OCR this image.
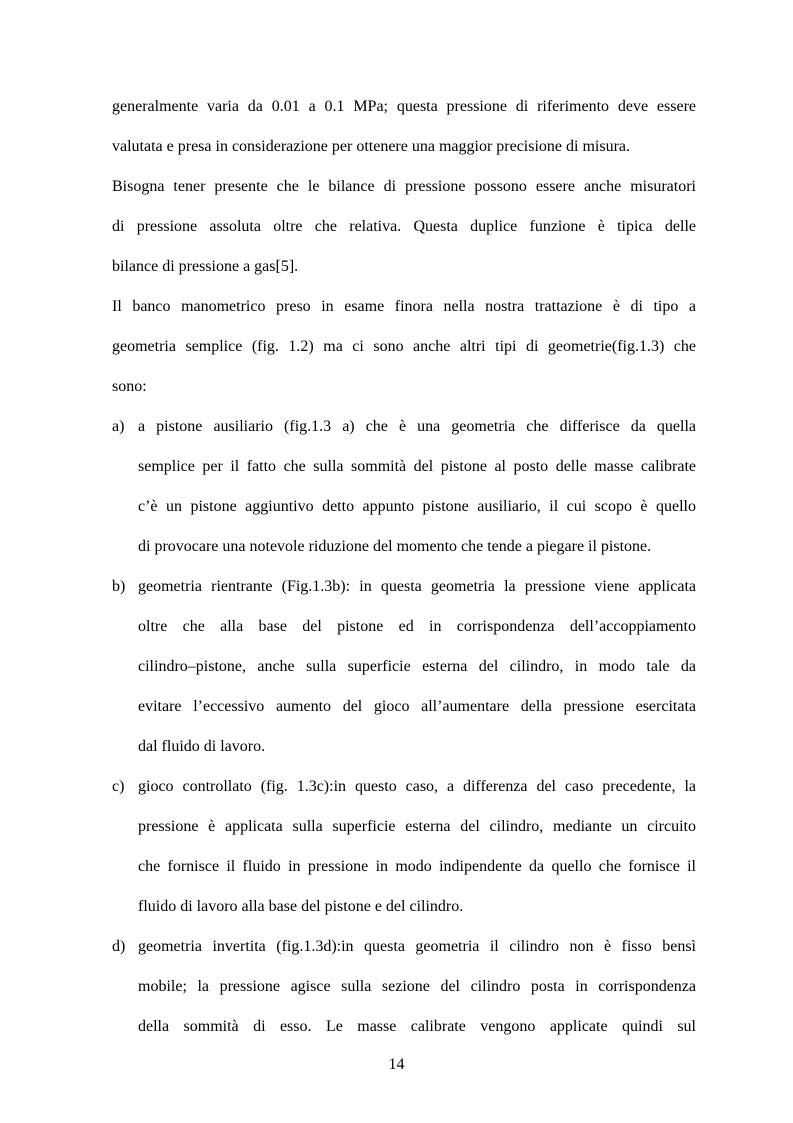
generalmente varia da 0.01 a 0.1 MPa; questa pressione di riferimento deve essere
valutata e presa in considerazione per ottenere una maggior precisione di misura.
Bisogna tener presente che le bilance di pressione possono essere anche misuratori
di pressione assoluta oltre che relativa. Questa duplice funzione è tipica delle
bilance di pressione a gas[5].
Il banco manometrico preso in esame finora nella nostra trattazione è di tipo a
geometria semplice (fig. 1.2) ma ci sono anche altri tipi di geometrie(fig.1.3) che
sono:
a) a pistone ausiliario (fig.1.3 a) che è una geometria che differisce da quella
semplice per il fatto che sulla sommità del pistone al posto delle masse calibrate
c’è un pistone aggiuntivo detto appunto pistone ausiliario, il cui scopo è quello
di provocare una notevole riduzione del momento che tende a piegare il pistone.
b) geometria rientrante (Fig.1.3b): in questa geometria la pressione viene applicata
oltre che alla base del pistone ed in corrispondenza dell’accoppiamento
cilindro–pistone, anche sulla superficie esterna del cilindro, in modo tale da
evitare l’eccessivo aumento del gioco all’aumentare della pressione esercitata
dal fluido di lavoro.
c) gioco controllato (fig. 1.3c):in questo caso, a differenza del caso precedente, la
pressione è applicata sulla superficie esterna del cilindro, mediante un circuito
che fornisce il fluido in pressione in modo indipendente da quello che fornisce il
fluido di lavoro alla base del pistone e del cilindro.
d) geometria invertita (fig.1.3d):in questa geometria il cilindro non è fisso bensì
mobile; la pressione agisce sulla sezione del cilindro posta in corrispondenza
della sommità di esso. Le masse calibrate vengono applicate quindi sul
14
